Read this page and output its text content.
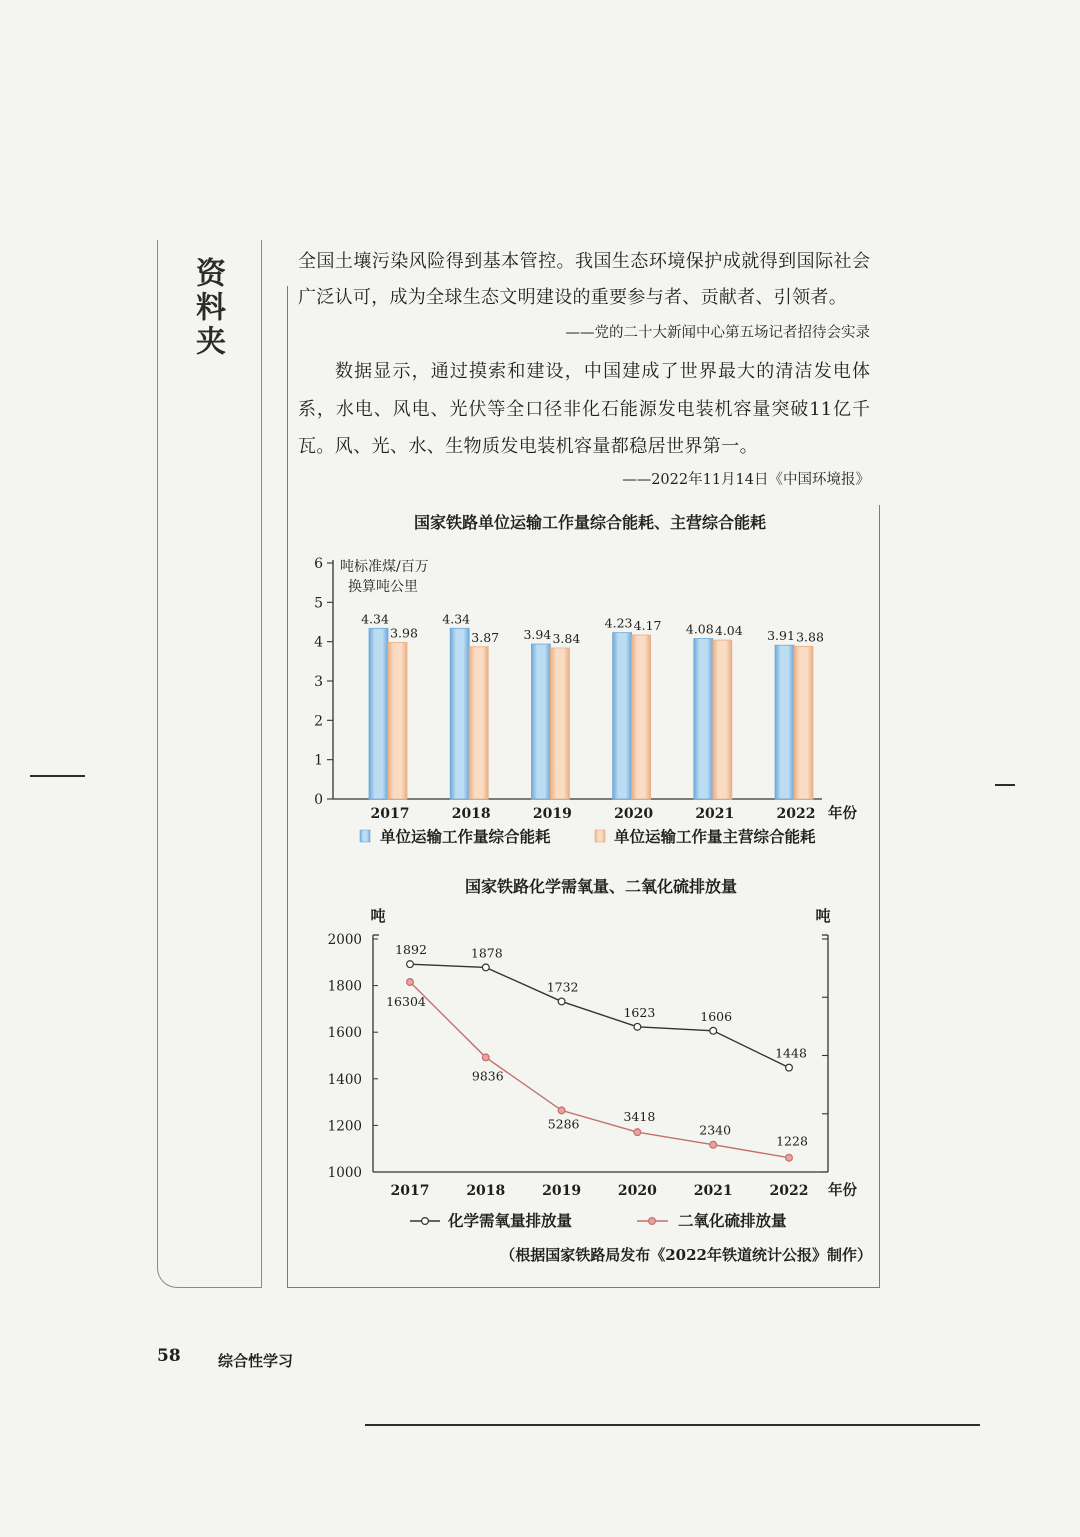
资料夹	全国土壤污染风险得到基本管控。我国生态环境保护成就得到国际社会
广泛认可，成为全球生态文明建设的重要参与者、贡献者、引领者。
——党的二十大新闻中心第五场记者招待会实录
数据显示，通过摸索和建设，中国建成了世界最大的清洁发电体
系，水电、风电、光伏等全口径非化石能源发电装机容量突破11亿千
瓦。风、光、水、生物质发电装机容量都稳居世界第一。
——2022年11月14日《中国环境报》
国家铁路单位运输工作量综合能耗、主营综合能耗
吨标准煤/百万
换算吨公里
0
1
2
3
4
5
6
4.34
3.98
2017
4.34
3.87
2018
3.94 3.84
2019
4.23 4.17
2020
4.08 4.04
2021
3.91 3.88
2022 年份
单位运输工作量综合能耗	单位运输工作量主营综合能耗
国家铁路化学需氧量、二氧化硫排放量
吨	吨
1000
1200
1400
1600
1800
2000
2017	2018	2019	2020	2021	2022 年份
1892	1878
1732
1623	1606
1448
16304
9836
5286	3418
2340
1228
化学需氧量排放量	二氧化硫排放量
（根据国家铁路局发布《2022年铁道统计公报》制作）
58 综合性学习
